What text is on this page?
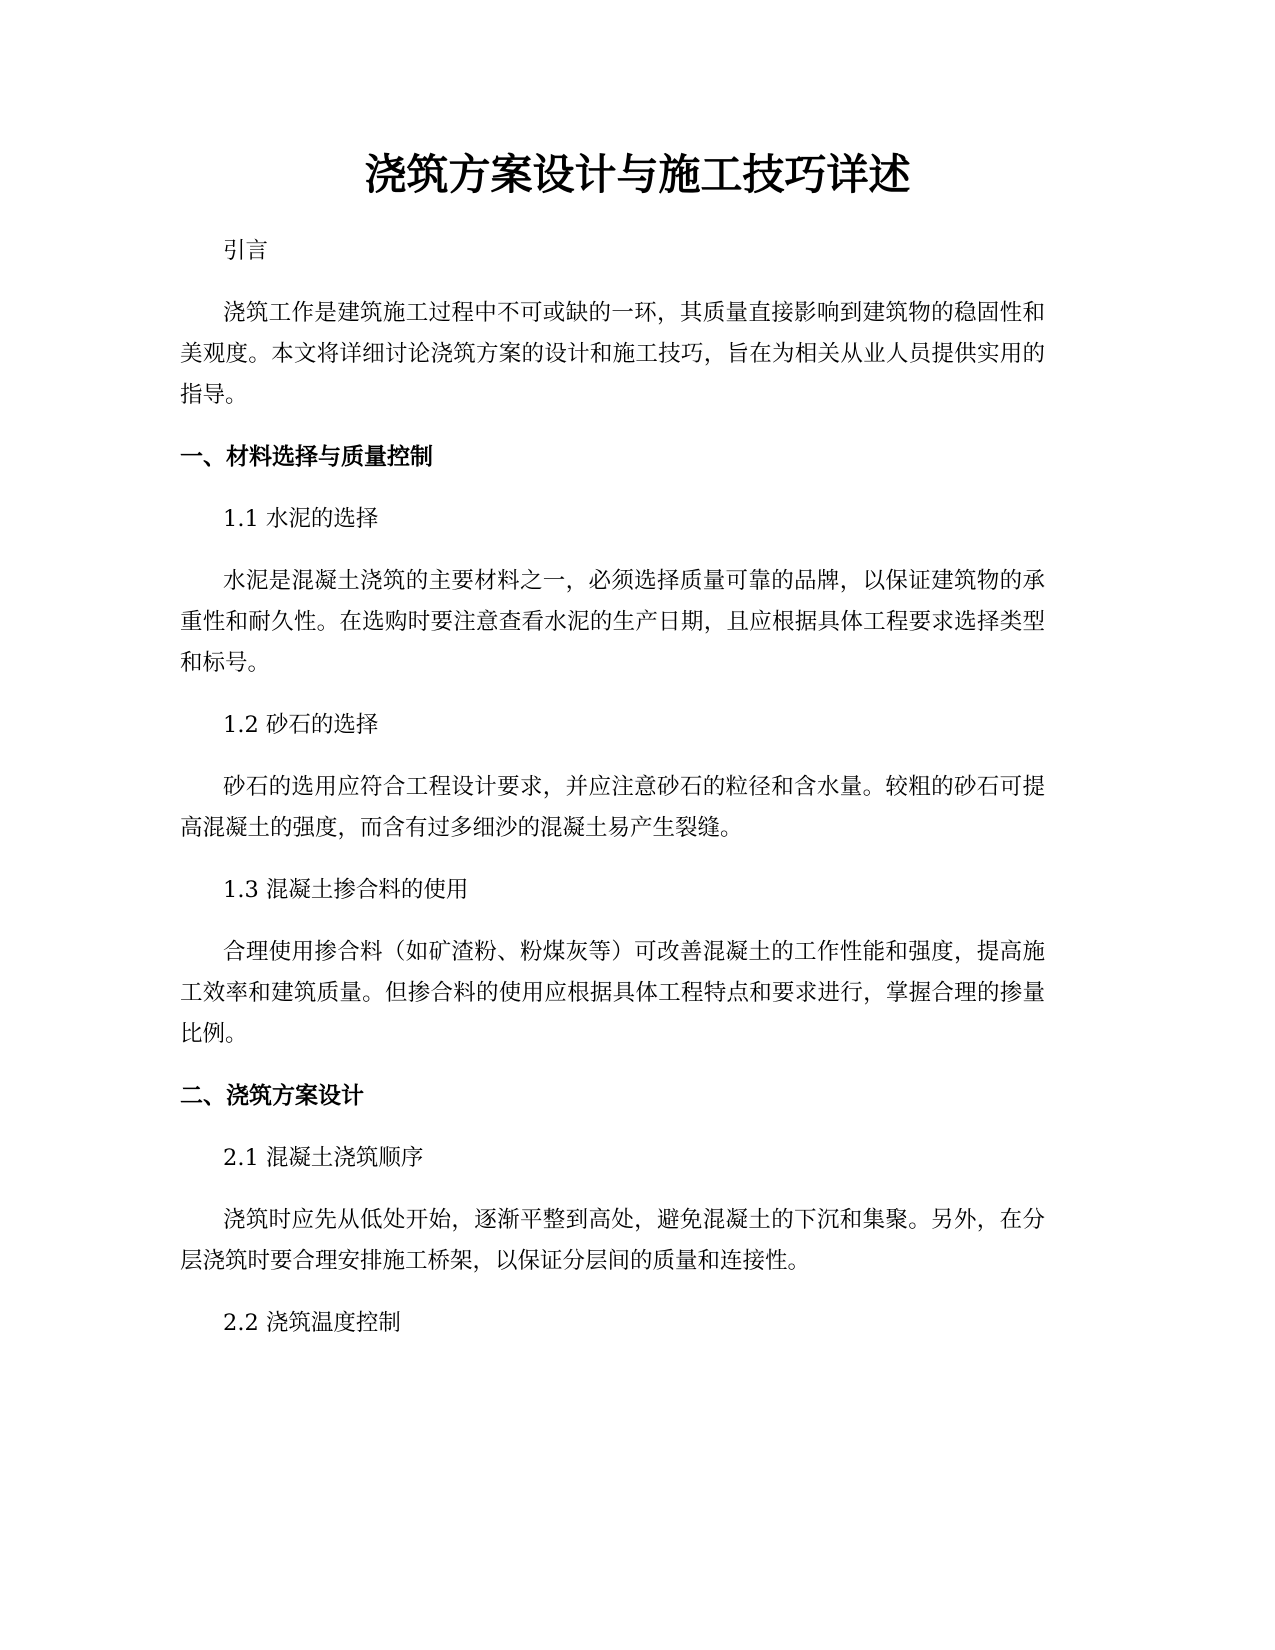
浇筑方案设计与施工技巧详述

引言

浇筑工作是建筑施工过程中不可或缺的一环，其质量直接影响到建筑物的稳固性和美观度。本文将详细讨论浇筑方案的设计和施工技巧，旨在为相关从业人员提供实用的指导。

一、材料选择与质量控制

1.1 水泥的选择

水泥是混凝土浇筑的主要材料之一，必须选择质量可靠的品牌，以保证建筑物的承重性和耐久性。在选购时要注意查看水泥的生产日期，且应根据具体工程要求选择类型和标号。

1.2 砂石的选择

砂石的选用应符合工程设计要求，并应注意砂石的粒径和含水量。较粗的砂石可提高混凝土的强度，而含有过多细沙的混凝土易产生裂缝。

1.3 混凝土掺合料的使用

合理使用掺合料（如矿渣粉、粉煤灰等）可改善混凝土的工作性能和强度，提高施工效率和建筑质量。但掺合料的使用应根据具体工程特点和要求进行，掌握合理的掺量比例。

二、浇筑方案设计

2.1 混凝土浇筑顺序

浇筑时应先从低处开始，逐渐平整到高处，避免混凝土的下沉和集聚。另外，在分层浇筑时要合理安排施工桥架，以保证分层间的质量和连接性。

2.2 浇筑温度控制
